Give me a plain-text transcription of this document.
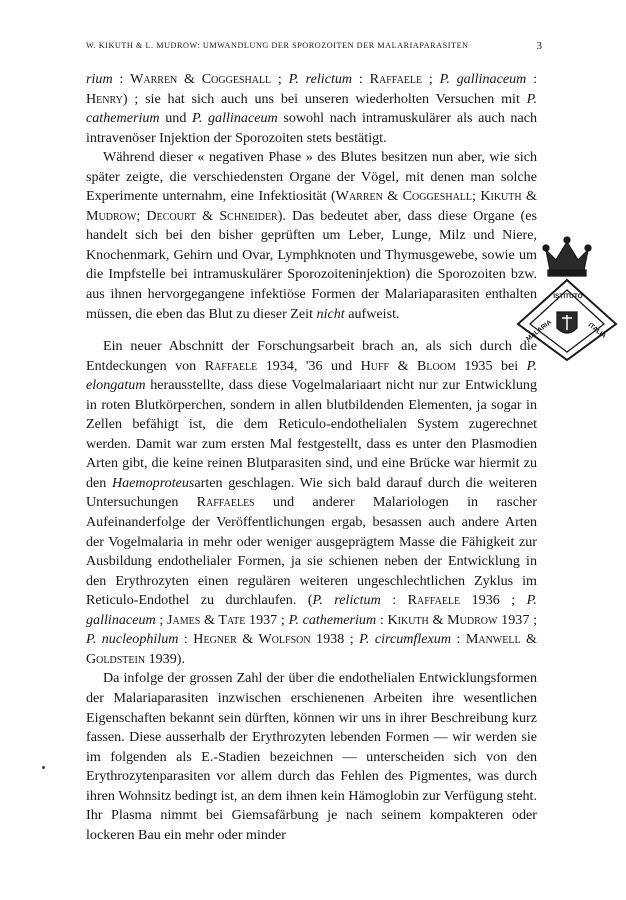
W. KIKUTH & L. MUDROW: UMWANDLUNG DER SPOROZOITEN DER MALARIAPARASITEN	3

rium : Warren & Coggeshall ; P. relictum : Raffaele ; P. gallinaceum : Henry) ; sie hat sich auch uns bei unseren wiederholten Versuchen mit P. cathemerium und P. gallinaceum sowohl nach intramuskulärer als auch nach intravenöser Injektion der Sporozoiten stets bestätigt.

Während dieser « negativen Phase » des Blutes besitzen nun aber, wie sich später zeigte, die verschiedensten Organe der Vögel, mit denen man solche Experimente unternahm, eine Infektiosität (Warren & Coggeshall; Kikuth & Mudrow; Decourt & Schneider). Das bedeutet aber, dass diese Organe (es handelt sich bei den bisher geprüften um Leber, Lunge, Milz und Niere, Knochenmark, Gehirn und Ovar, Lymphknoten und Thymusgewebe, sowie um die Impfstelle bei intramuskulärer Sporozoiteninjektion) die Sporozoiten bzw. aus ihnen hervorgegangene infektiöse Formen der Malariaparasiten enthalten müssen, die eben das Blut zu dieser Zeit nicht aufweist.

Ein neuer Abschnitt der Forschungsarbeit brach an, als sich durch die Entdeckungen von Raffaele 1934, '36 und Huff & Bloom 1935 bei P. elongatum herausstellte, dass diese Vogelmalariaart nicht nur zur Entwicklung in roten Blutkörperchen, sondern in allen blutbildenden Elementen, ja sogar in Zellen befähigt ist, die dem Reticulo-endothelialen System zugerechnet werden. Damit war zum ersten Mal festgestellt, dass es unter den Plasmodien Arten gibt, die keine reinen Blutparasiten sind, und eine Brücke war hiermit zu den Haemoproteusarten geschlagen. Wie sich bald darauf durch die weiteren Untersuchungen Raffaeles und anderer Malariologen in rascher Aufeinanderfolge der Veröffentlichungen ergab, besassen auch andere Arten der Vogelmalaria in mehr oder weniger ausgeprägtem Masse die Fähigkeit zur Ausbildung endothelialer Formen, ja sie schienen neben der Entwicklung in den Erythrozyten einen regulären weiteren ungeschlechtlichen Zyklus im Reticulo-Endothel zu durchlaufen. (P. relictum : Raffaele 1936 ; P. gallinaceum ; James & Tate 1937 ; P. cathemerium : Kikuth & Mudrow 1937 ; P. nucleophilum : Hegner & Wolfson 1938 ; P. circumflexum : Manwell & Goldstein 1939).

Da infolge der grossen Zahl der über die endothelialen Entwicklungsformen der Malariaparasiten inzwischen erschienenen Arbeiten ihre wesentlichen Eigenschaften bekannt sein dürften, können wir uns in ihrer Beschreibung kurz fassen. Diese ausserhalb der Erythrozyten lebenden Formen — wir werden sie im folgenden als E.-Stadien bezeichnen — unterscheiden sich von den Erythrozytenparasiten vor allem durch das Fehlen des Pigmentes, was durch ihren Wohnsitz bedingt ist, an dem ihnen kein Hämoglobin zur Verfügung steht. Ihr Plasma nimmt bei Giemsafärbung je nach seinem kompakteren oder lockeren Bau ein mehr oder minder

ISTITUTO
MALARIA	ITALIA
